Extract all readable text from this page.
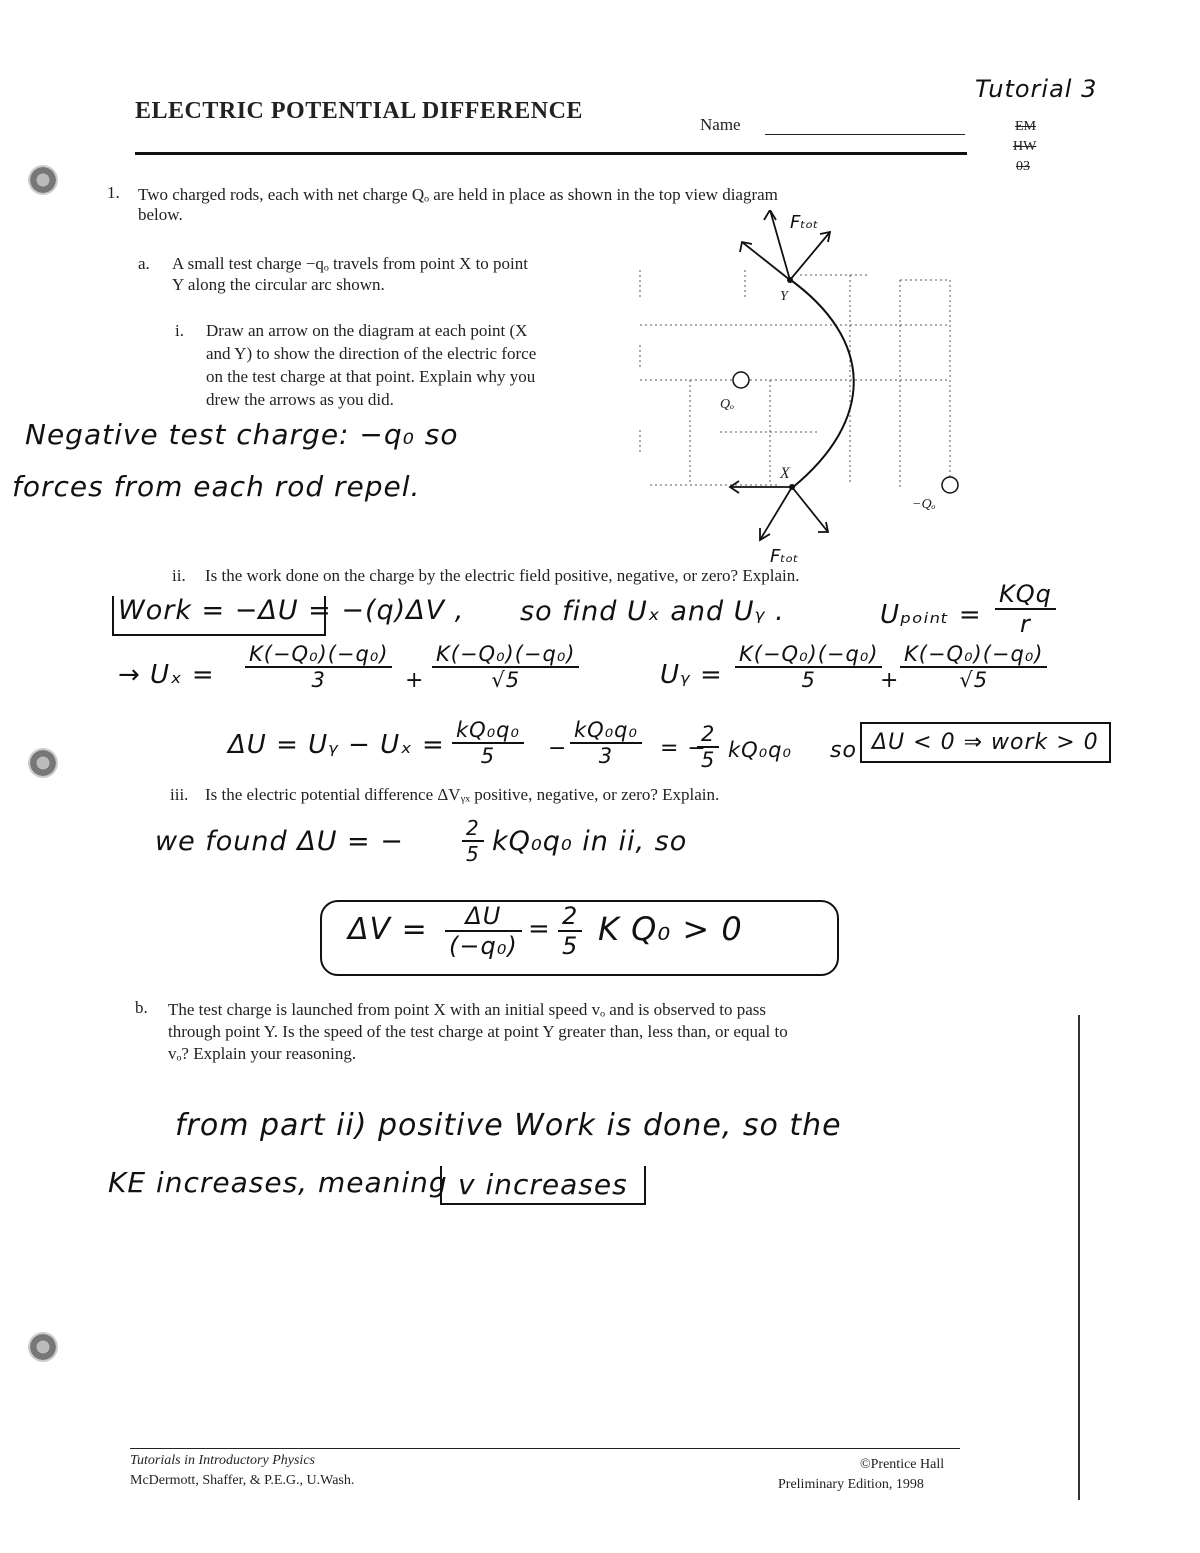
ELECTRIC POTENTIAL DIFFERENCE
Name
Tutorial 3
EM
HW
03
1. Two charged rods, each with net charge Qₒ are held in place as shown in the top view diagram
below.
a. A small test charge −qₒ travels from point X to point
Y along the circular arc shown.
i. Draw an arrow on the diagram at each point (X
and Y) to show the direction of the electric force
on the test charge at that point. Explain why you
drew the arrows as you did.
Negative test charge: −q₀ so
forces from each rod repel.
Fₜₒₜ
Fₜₒₜ
Y
X
Qₒ
−Qₒ
ii. Is the work done on the charge by the electric field positive, negative, or zero? Explain.
Work = −ΔU = −(q)ΔV , so find Uₓ and Uᵧ .	Uₚₒᵢₙₜ =
KQq
r
→ $U_x = \frac{\text{K(−Q₀)(−q₀)}}{3} + \frac{\text{K(−Q₀)(−q₀)}}{√5}$	Uᵧ = $\frac{\text{K(−Q₀)(−q₀)}}{5}$
+ $\frac{\text{K(−Q₀)(−q₀)}}{√5}$
ΔU = Uᵧ − $U_x = \frac{\text{kQ₀q₀}}{5} - \frac{\text{kQ₀q₀}}{3}$ = −
$\frac{2}{5} kQ_0q_0$ so ΔU < 0 ⇒ work > 0
iii. Is the electric potential difference ΔVᵧₓ positive, negative, or zero? Explain.
we found ΔU = −	$\frac{2}{5} kQ_0q_0$ in ii, so
$\Delta V = \frac{\Delta U}{\text{(−q₀)}} = \frac{2}{5}$ K Q₀ > 0
b. The test charge is launched from point X with an initial speed vₒ and is observed to pass
through point Y. Is the speed of the test charge at point Y greater than, less than, or equal to
vₒ? Explain your reasoning.
from part ii) positive Work is done, so the
KE increases, meaning v increases
Tutorials in Introductory Physics
McDermott, Shaffer, & P.E.G., U.Wash.
©Prentice Hall
Preliminary Edition, 1998
